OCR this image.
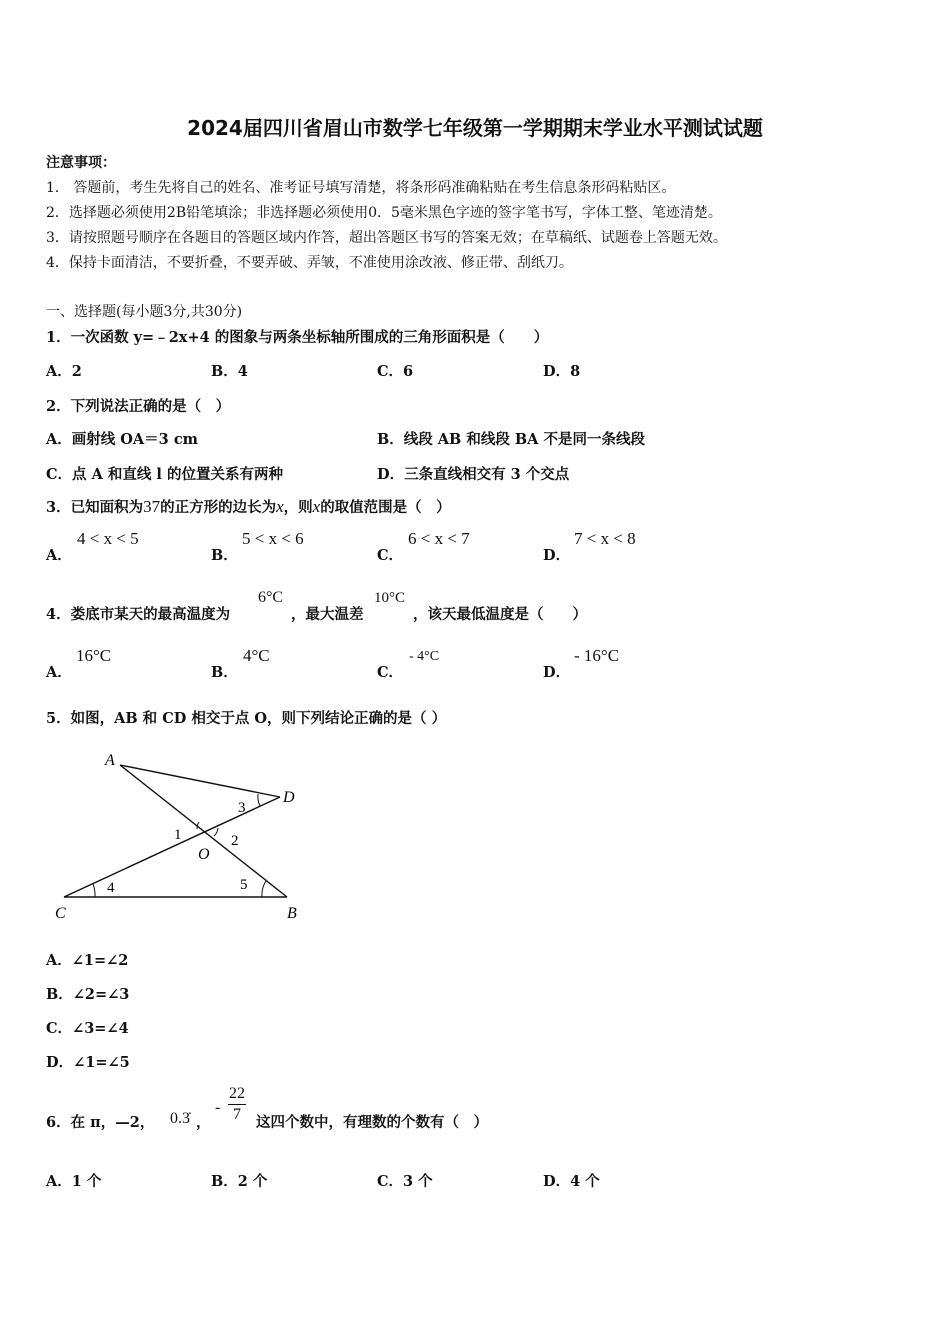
2024届四川省眉山市数学七年级第一学期期末学业水平测试试题
注意事项：
1． 答题前，考生先将自己的姓名、准考证号填写清楚，将条形码准确粘贴在考生信息条形码粘贴区。
2．选择题必须使用2B铅笔填涂；非选择题必须使用0．5毫米黑色字迹的签字笔书写，字体工整、笔迹清楚。
3．请按照题号顺序在各题目的答题区域内作答，超出答题区书写的答案无效；在草稿纸、试题卷上答题无效。
4．保持卡面清洁，不要折叠，不要弄破、弄皱，不准使用涂改液、修正带、刮纸刀。
一、选择题(每小题3分,共30分)
1．一次函数 y=﹣2x+4 的图象与两条坐标轴所围成的三角形面积是（　　）
A．2	B．4	C．6	D．8
2．下列说法正确的是（　）
A．画射线 OA＝3 cm	B．线段 AB 和线段 BA 不是同一条线段
C．点 A 和直线 l 的位置关系有两种	D．三条直线相交有 3 个交点
3．已知面积为37的正方形的边长为x，则x的取值范围是（　）
A．
4 < x < 5
B．
5 < x < 6
C．
6 < x < 7
D．
7 < x < 8
4．娄底市某天的最高温度为
6°C
，最大温差
10°C
，该天最低温度是（　　）
A．
16°C
B．
4°C
C．
- 4°C
D．
- 16°C
5．如图，AB 和 CD 相交于点 O，则下列结论正确的是（ ）
A
D
C	B
O
1	2
3
4	5
A．∠1=∠2
B．∠2=∠3
C．∠3=∠4
D．∠1=∠5
6．在 π，—2， 0.3̇ ，
- $\frac{22}{7}$ 这四个数中，有理数的个数有（　）
A．1 个	B．2 个	C．3 个	D．4 个
